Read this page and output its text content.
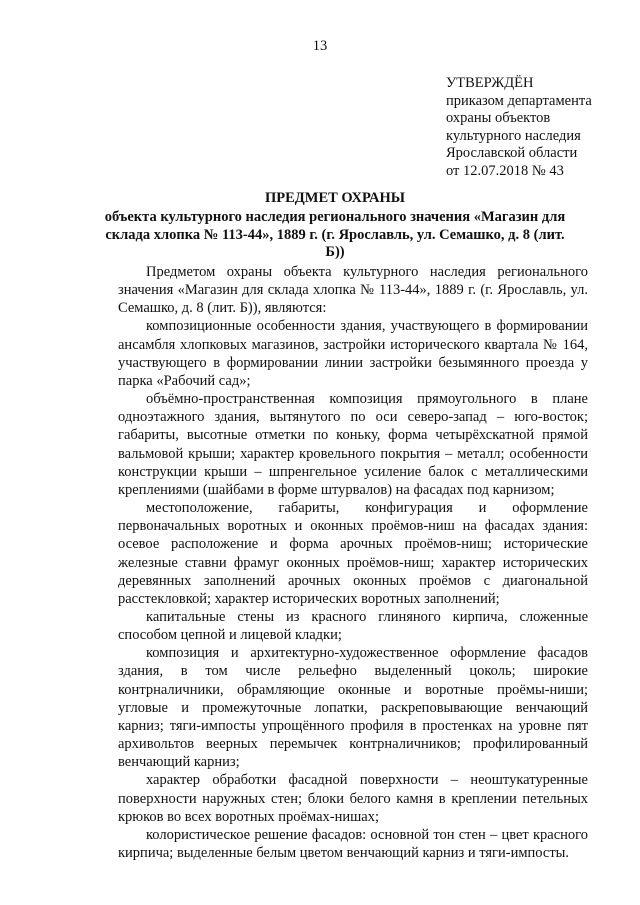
13
УТВЕРЖДЁН
приказом департамента
охраны объектов
культурного наследия
Ярославской области
от 12.07.2018 № 43
ПРЕДМЕТ ОХРАНЫ
объекта культурного наследия регионального значения «Магазин для склада хлопка № 113-44», 1889 г. (г. Ярославль, ул. Семашко, д. 8 (лит. Б))

Предметом охраны объекта культурного наследия регионального значения «Магазин для склада хлопка № 113-44», 1889 г. (г. Ярославль, ул. Семашко, д. 8 (лит. Б)), являются:

композиционные особенности здания, участвующего в формировании ансамбля хлопковых магазинов, застройки исторического квартала № 164, участвующего в формировании линии застройки безымянного проезда у парка «Рабочий сад»;

объёмно-пространственная композиция прямоугольного в плане одноэтажного здания, вытянутого по оси северо-запад – юго-восток; габариты, высотные отметки по коньку, форма четырёхскатной прямой вальмовой крыши; характер кровельного покрытия – металл; особенности конструкции крыши – шпренгельное усиление балок с металлическими креплениями (шайбами в форме штурвалов) на фасадах под карнизом;

местоположение, габариты, конфигурация и оформление первоначальных воротных и оконных проёмов-ниш на фасадах здания: осевое расположение и форма арочных проёмов-ниш; исторические железные ставни фрамуг оконных проёмов-ниш; характер исторических деревянных заполнений арочных оконных проёмов с диагональной расстекловкой; характер исторических воротных заполнений;

капитальные стены из красного глиняного кирпича, сложенные способом цепной и лицевой кладки;

композиция и архитектурно-художественное оформление фасадов здания, в том числе рельефно выделенный цоколь; широкие контрналичники, обрамляющие оконные и воротные проёмы-ниши; угловые и промежуточные лопатки, раскреповывающие венчающий карниз; тяги-импосты упрощённого профиля в простенках на уровне пят архивольтов веерных перемычек контрналичников; профилированный венчающий карниз;

характер обработки фасадной поверхности – неоштукатуренные поверхности наружных стен; блоки белого камня в креплении петельных крюков во всех воротных проёмах-нишах;

колористическое решение фасадов: основной тон стен – цвет красного кирпича; выделенные белым цветом венчающий карниз и тяги-импосты.
